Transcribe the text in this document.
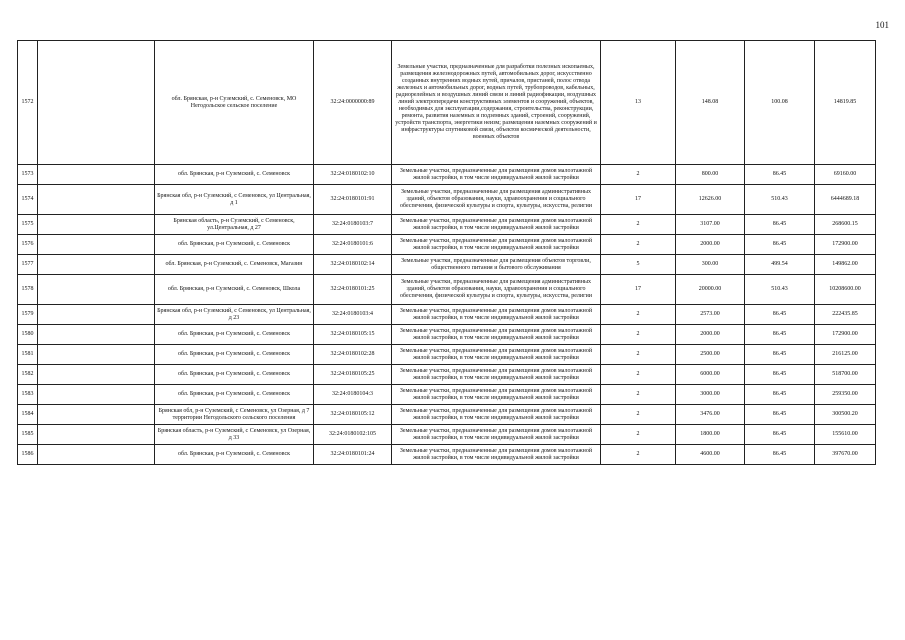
101
1572		обл. Брянская, р-н Суземский, с. Семеновск, МО Негодольское сельское поселение	32:24:0000000:89	Земельные участки, предназначенные для разработки полезных ископаемых, размещения железнодорожных путей, автомобильных дорог, искусственно созданных внутренних водных путей, причалов, пристаней, полос отвода железных и автомобильных дорог, водных путей, трубопроводов, кабельных, радиорелейных и воздушных линий связи и линий радиофикации, воздушных линий электропередачи конструктивных элементов и сооружений, объектов, необходимых для эксплуатации,содержания, строительства, реконструкции, ремонта, развития наземных и подземных зданий, строений, сооружений, устройств транспорта, энергетики неизм; размещения наземных сооружений и инфраструктуры спутниковой связи, объектов космической деятельности, военных объектов	13	148.08	100.08	14819.85
1573		обл. Брянская, р-н Суземский, с. Семеновск	32:24:0180102:10	Земельные участки, предназначенные для размещения домов малоэтажной жилой застройки, в том числе индивидуальной жилой застройки	2	800.00	86.45	69160.00
1574		Брянская обл, р-н Суземский, с Семеновск, ул Центральная, д 1	32:24:0180101:91	Земельные участки, предназначенные для размещения административных зданий, объектов образования, науки, здравоохранения и социального обеспечения, физической культуры и спорта, культуры, искусства, религии	17	12626.00	510.43	6444689.18
1575		Брянская область, р-н Суземский, с Семеновск, ул.Центральная, д 27	32:24:0180103:7	Земельные участки, предназначенные для размещения домов малоэтажной жилой застройки, в том числе индивидуальной жилой застройки	2	3107.00	86.45	268600.15
1576		обл. Брянская, р-н Суземский, с. Семеновск	32:24:0180101:6	Земельные участки, предназначенные для размещения домов малоэтажной жилой застройки, в том числе индивидуальной жилой застройки	2	2000.00	86.45	172900.00
1577		обл. Брянская, р-н Суземский, с. Семеновск, Магазин	32:24:0180102:14	Земельные участки, предназначенные для размещения объектов торговли, общественного питания и бытового обслуживания	5	300.00	499.54	149862.00
1578		обл. Брянская, р-н Суземский, с. Семеновск, Школа	32:24:0180101:25	Земельные участки, предназначенные для размещения административных зданий, объектов образования, науки, здравоохранения и социального обеспечения, физической культуры и спорта, культуры, искусства, религии	17	20000.00	510.43	10208600.00
1579		Брянская обл, р-н Суземский, с Семеновск, ул Центральная, д 23	32:24:0180103:4	Земельные участки, предназначенные для размещения домов малоэтажной жилой застройки, в том числе индивидуальной жилой застройки	2	2573.00	86.45	222435.85
1580		обл. Брянская, р-н Суземский, с. Семеновск	32:24:0180105:15	Земельные участки, предназначенные для размещения домов малоэтажной жилой застройки, в том числе индивидуальной жилой застройки	2	2000.00	86.45	172900.00
1581		обл. Брянская, р-н Суземский, с. Семеновск	32:24:0180102:28	Земельные участки, предназначенные для размещения домов малоэтажной жилой застройки, в том числе индивидуальной жилой застройки	2	2500.00	86.45	216125.00
1582		обл. Брянская, р-н Суземский, с. Семеновск	32:24:0180105:25	Земельные участки, предназначенные для размещения домов малоэтажной жилой застройки, в том числе индивидуальной жилой застройки	2	6000.00	86.45	518700.00
1583		обл. Брянская, р-н Суземский, с. Семеновск	32:24:0180104:3	Земельные участки, предназначенные для размещения домов малоэтажной жилой застройки, в том числе индивидуальной жилой застройки	2	3000.00	86.45	259350.00
1584		Брянская обл, р-н Суземский, с Семеновск, ул Озерная, д 7 территории Негодольского сельского поселения	32:24:0180105:12	Земельные участки, предназначенные для размещения домов малоэтажной жилой застройки, в том числе индивидуальной жилой застройки	2	3476.00	86.45	300500.20
1585		Брянская область, р-н Суземский, с Семеновск, ул Озерная, д 33	32:24:0180102:105	Земельные участки, предназначенные для размещения домов малоэтажной жилой застройки, в том числе индивидуальной жилой застройки	2	1800.00	86.45	155610.00
1586		обл. Брянская, р-н Суземский, с. Семеновск	32:24:0180101:24	Земельные участки, предназначенные для размещения домов малоэтажной жилой застройки, в том числе индивидуальной жилой застройки	2	4600.00	86.45	397670.00
